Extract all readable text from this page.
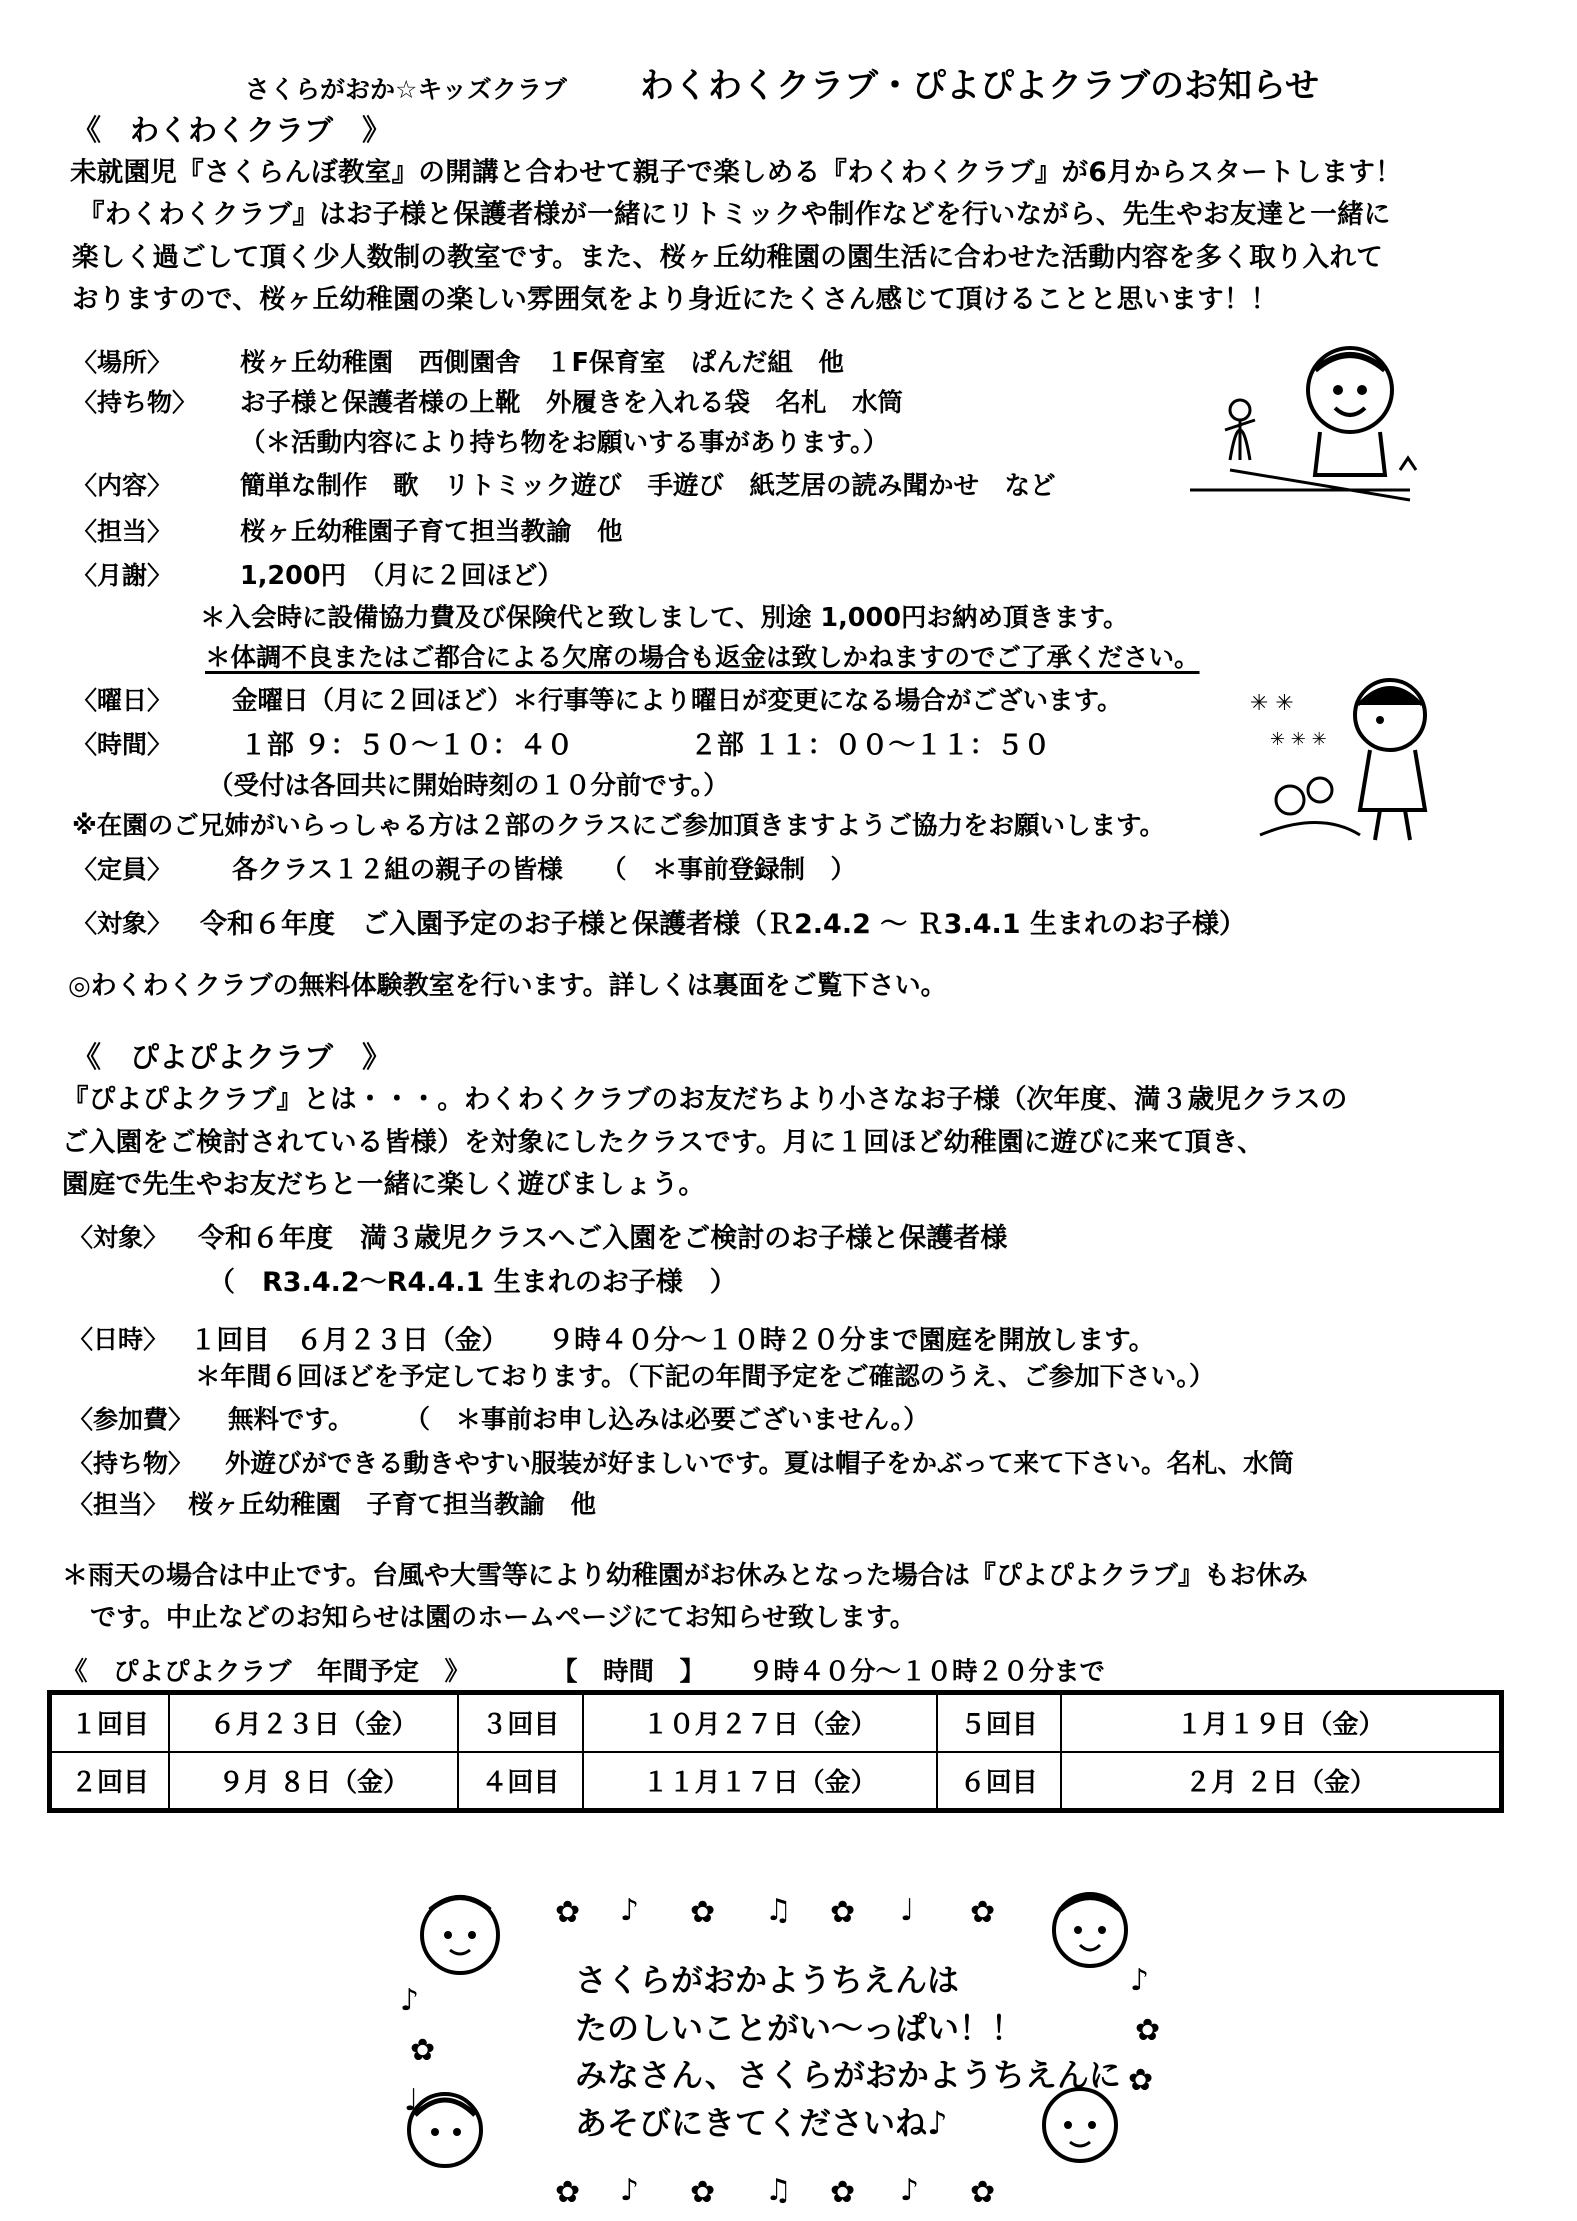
さくらがおか☆キッズクラブ わくわくクラブ・ぴよぴよクラブのお知らせ
《　わくわくクラブ　》
未就園児『さくらんぼ教室』の開講と合わせて親子で楽しめる『わくわくクラブ』が6月からスタートします！
『わくわくクラブ』はお子様と保護者様が一緒にリトミックや制作などを行いながら、先生やお友達と一緒に
楽しく過ごして頂く少人数制の教室です。また、桜ヶ丘幼稚園の園生活に合わせた活動内容を多く取り入れて
おりますので、桜ヶ丘幼稚園の楽しい雰囲気をより身近にたくさん感じて頂けることと思います！！
〈場所〉	桜ヶ丘幼稚園　西側園舎　１F保育室　ぱんだ組　他
〈持ち物〉 お子様と保護者様の上靴　外履きを入れる袋　名札　水筒
（＊活動内容により持ち物をお願いする事があります。）
〈内容〉	簡単な制作　歌　リトミック遊び　手遊び　紙芝居の読み聞かせ　など
〈担当〉	桜ヶ丘幼稚園子育て担当教諭　他
〈月謝〉	1,200円　（月に２回ほど）
＊入会時に設備協力費及び保険代と致しまして、別途 1,000円お納め頂きます。
＊体調不良またはご都合による欠席の場合も返金は致しかねますのでご了承ください。
〈曜日〉 金曜日（月に２回ほど）＊行事等により曜日が変更になる場合がございます。
〈時間〉	１部 ９：５０～１０：４０	２部 １１：００～１１：５０
（受付は各回共に開始時刻の１０分前です。）
※在園のご兄姉がいらっしゃる方は２部のクラスにご参加頂きますようご協力をお願いします。
〈定員〉 各クラス１２組の親子の皆様　　（　＊事前登録制　）
〈対象〉 令和６年度　ご入園予定のお子様と保護者様（Ｒ2.4.2 ～ Ｒ3.4.1 生まれのお子様）
◎わくわくクラブの無料体験教室を行います。詳しくは裏面をご覧下さい。
✳ ✳
✳ ✳ ✳
《　ぴよぴよクラブ　》
『ぴよぴよクラブ』とは・・・。わくわくクラブのお友だちより小さなお子様（次年度、満３歳児クラスの
ご入園をご検討されている皆様）を対象にしたクラスです。月に１回ほど幼稚園に遊びに来て頂き、
園庭で先生やお友だちと一緒に楽しく遊びましょう。
〈対象〉 令和６年度　満３歳児クラスへご入園をご検討のお子様と保護者様
（　R3.4.2～R4.4.1 生まれのお子様　）
〈日時〉 １回目　６月２３日（金）　　９時４０分～１０時２０分まで園庭を開放します。
＊年間６回ほどを予定しております。（下記の年間予定をご確認のうえ、ご参加下さい。）
〈参加費〉 無料です。　　　（　＊事前お申し込みは必要ございません。）
〈持ち物〉 外遊びができる動きやすい服装が好ましいです。夏は帽子をかぶって来て下さい。名札、水筒
〈担当〉 桜ヶ丘幼稚園　子育て担当教諭　他
＊雨天の場合は中止です。台風や大雪等により幼稚園がお休みとなった場合は『ぴよぴよクラブ』もお休み
です。中止などのお知らせは園のホームページにてお知らせ致します。
《　ぴよぴよクラブ　年間予定　》	【　時間　】 ９時４０分～１０時２０分まで
１回目	６月２３日（金）	３回目	１０月２７日（金）	５回目	１月１９日（金）
２回目	９月 ８日（金）	４回目	１１月１７日（金）	６回目	２月 ２日（金）
✿ ♪ ✿ ♫ ✿ ♩ ✿
♪
✿
♩
♪
✿
✿
✿ ♪ ✿ ♫ ✿ ♪ ✿
さくらがおかようちえんは
たのしいことがい～っぱい！！
みなさん、さくらがおかようちえんに
あそびにきてくださいね♪
